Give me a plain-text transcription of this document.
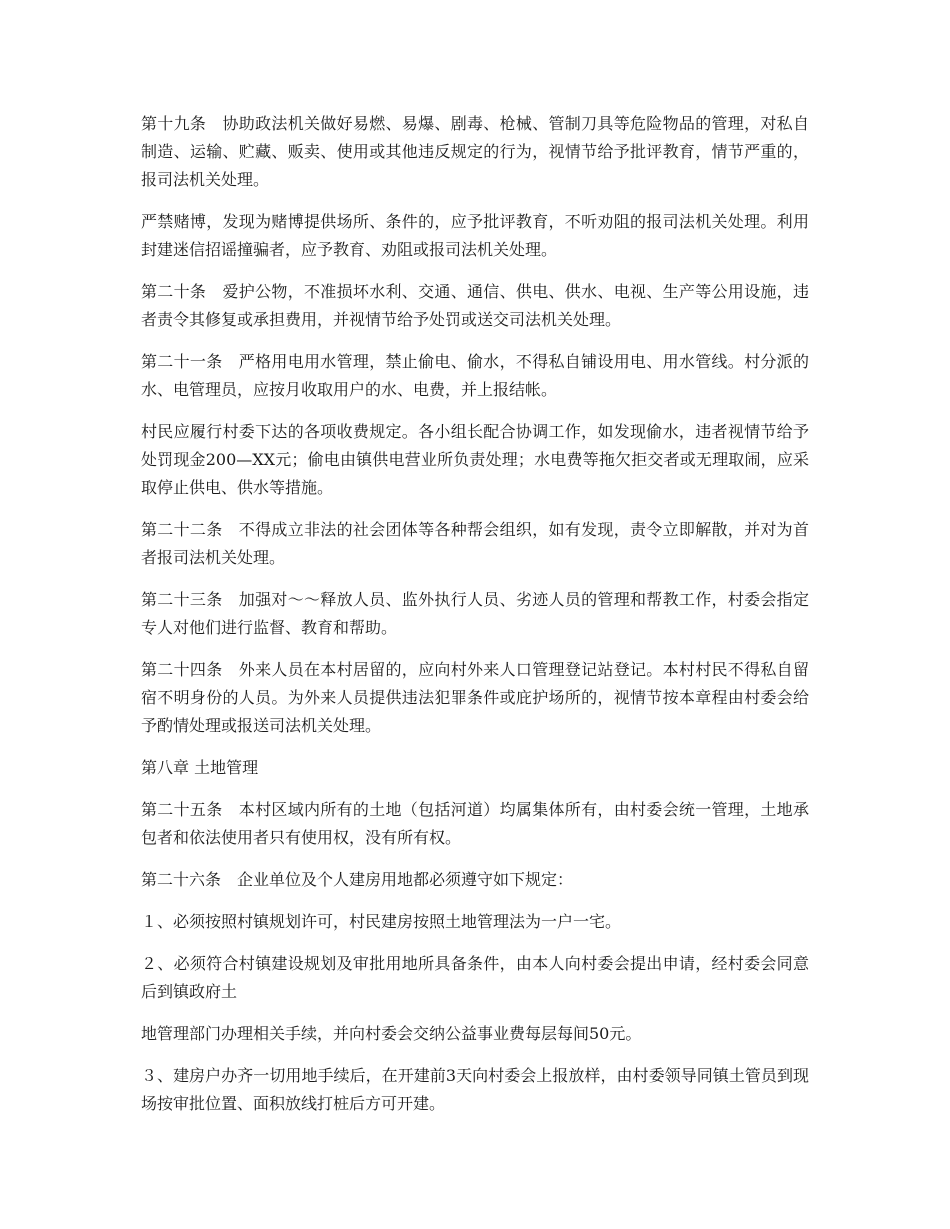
第十九条　协助政法机关做好易燃、易爆、剧毒、枪械、管制刀具等危险物品的管理，对私自制造、运输、贮藏、贩卖、使用或其他违反规定的行为，视情节给予批评教育，情节严重的，报司法机关处理。

严禁赌博，发现为赌博提供场所、条件的，应予批评教育，不听劝阻的报司法机关处理。利用封建迷信招谣撞骗者，应予教育、劝阻或报司法机关处理。

第二十条　爱护公物，不准损坏水利、交通、通信、供电、供水、电视、生产等公用设施，违者责令其修复或承担费用，并视情节给予处罚或送交司法机关处理。

第二十一条　严格用电用水管理，禁止偷电、偷水，不得私自铺设用电、用水管线。村分派的水、电管理员，应按月收取用户的水、电费，并上报结帐。

村民应履行村委下达的各项收费规定。各小组长配合协调工作，如发现偷水，违者视情节给予处罚现金200—XX元；偷电由镇供电营业所负责处理；水电费等拖欠拒交者或无理取闹，应采取停止供电、供水等措施。

第二十二条　不得成立非法的社会团体等各种帮会组织，如有发现，责令立即解散，并对为首者报司法机关处理。

第二十三条　加强对～～释放人员、监外执行人员、劣迹人员的管理和帮教工作，村委会指定专人对他们进行监督、教育和帮助。

第二十四条　外来人员在本村居留的，应向村外来人口管理登记站登记。本村村民不得私自留宿不明身份的人员。为外来人员提供违法犯罪条件或庇护场所的，视情节按本章程由村委会给予酌情处理或报送司法机关处理。

第八章 土地管理

第二十五条　本村区域内所有的土地（包括河道）均属集体所有，由村委会统一管理，土地承包者和依法使用者只有使用权，没有所有权。

第二十六条　企业单位及个人建房用地都必须遵守如下规定：

１、必须按照村镇规划许可，村民建房按照土地管理法为一户一宅。

２、必须符合村镇建设规划及审批用地所具备条件，由本人向村委会提出申请，经村委会同意后到镇政府土

地管理部门办理相关手续，并向村委会交纳公益事业费每层每间50元。

３、建房户办齐一切用地手续后，在开建前3天向村委会上报放样，由村委领导同镇土管员到现场按审批位置、面积放线打桩后方可开建。
